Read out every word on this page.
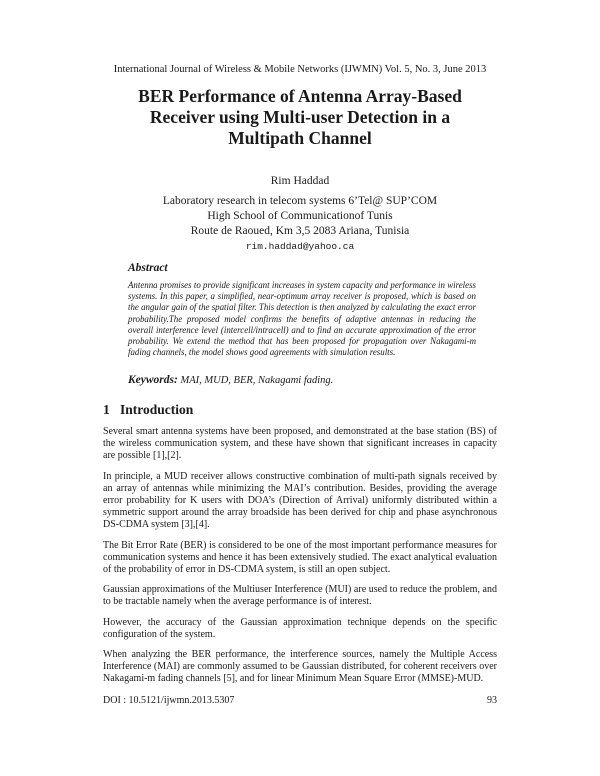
International Journal of Wireless & Mobile Networks (IJWMN) Vol. 5, No. 3, June 2013
BER Performance of Antenna Array-Based
Receiver using Multi-user Detection in a
Multipath Channel
Rim Haddad
Laboratory research in telecom systems 6’Tel@ SUP’COM
High School of Communicationof Tunis
Route de Raoued, Km 3,5 2083 Ariana, Tunisia
rim.haddad@yahoo.ca
Abstract

Antenna promises to provide significant increases in system capacity and performance in wireless systems. In this paper, a simplified, near-optimum array receiver is proposed, which is based on the angular gain of the spatial filter. This detection is then analyzed by calculating the exact error probability.The proposed model confirms the benefits of adaptive antennas in reducing the overall interference level (intercell/intracell) and to find an accurate approximation of the error probability. We extend the method that has been proposed for propagation over Nakagami-m fading channels, the model shows good agreements with simulation results.

Keywords: MAI, MUD, BER, Nakagami fading.

1 Introduction

Several smart antenna systems have been proposed, and demonstrated at the base station (BS) of the wireless communication system, and these have shown that significant increases in capacity are possible [1],[2].

In principle, a MUD receiver allows constructive combination of multi-path signals received by an array of antennas while minimizing the MAI’s contribution. Besides, providing the average error probability for K users with DOA’s (Direction of Arrival) uniformly distributed within a symmetric support around the array broadside has been derived for chip and phase asynchronous DS-CDMA system [3],[4].

The Bit Error Rate (BER) is considered to be one of the most important performance measures for communication systems and hence it has been extensively studied. The exact analytical evaluation of the probability of error in DS-CDMA system, is still an open subject.

Gaussian approximations of the Multiuser Interference (MUI) are used to reduce the problem, and to be tractable namely when the average performance is of interest.

However, the accuracy of the Gaussian approximation technique depends on the specific configuration of the system.

When analyzing the BER performance, the interference sources, namely the Multiple Access Interference (MAI) are commonly assumed to be Gaussian distributed, for coherent receivers over Nakagami-m fading channels [5], and for linear Minimum Mean Square Error (MMSE)-MUD.

DOI : 10.5121/ijwmn.2013.5307	93
